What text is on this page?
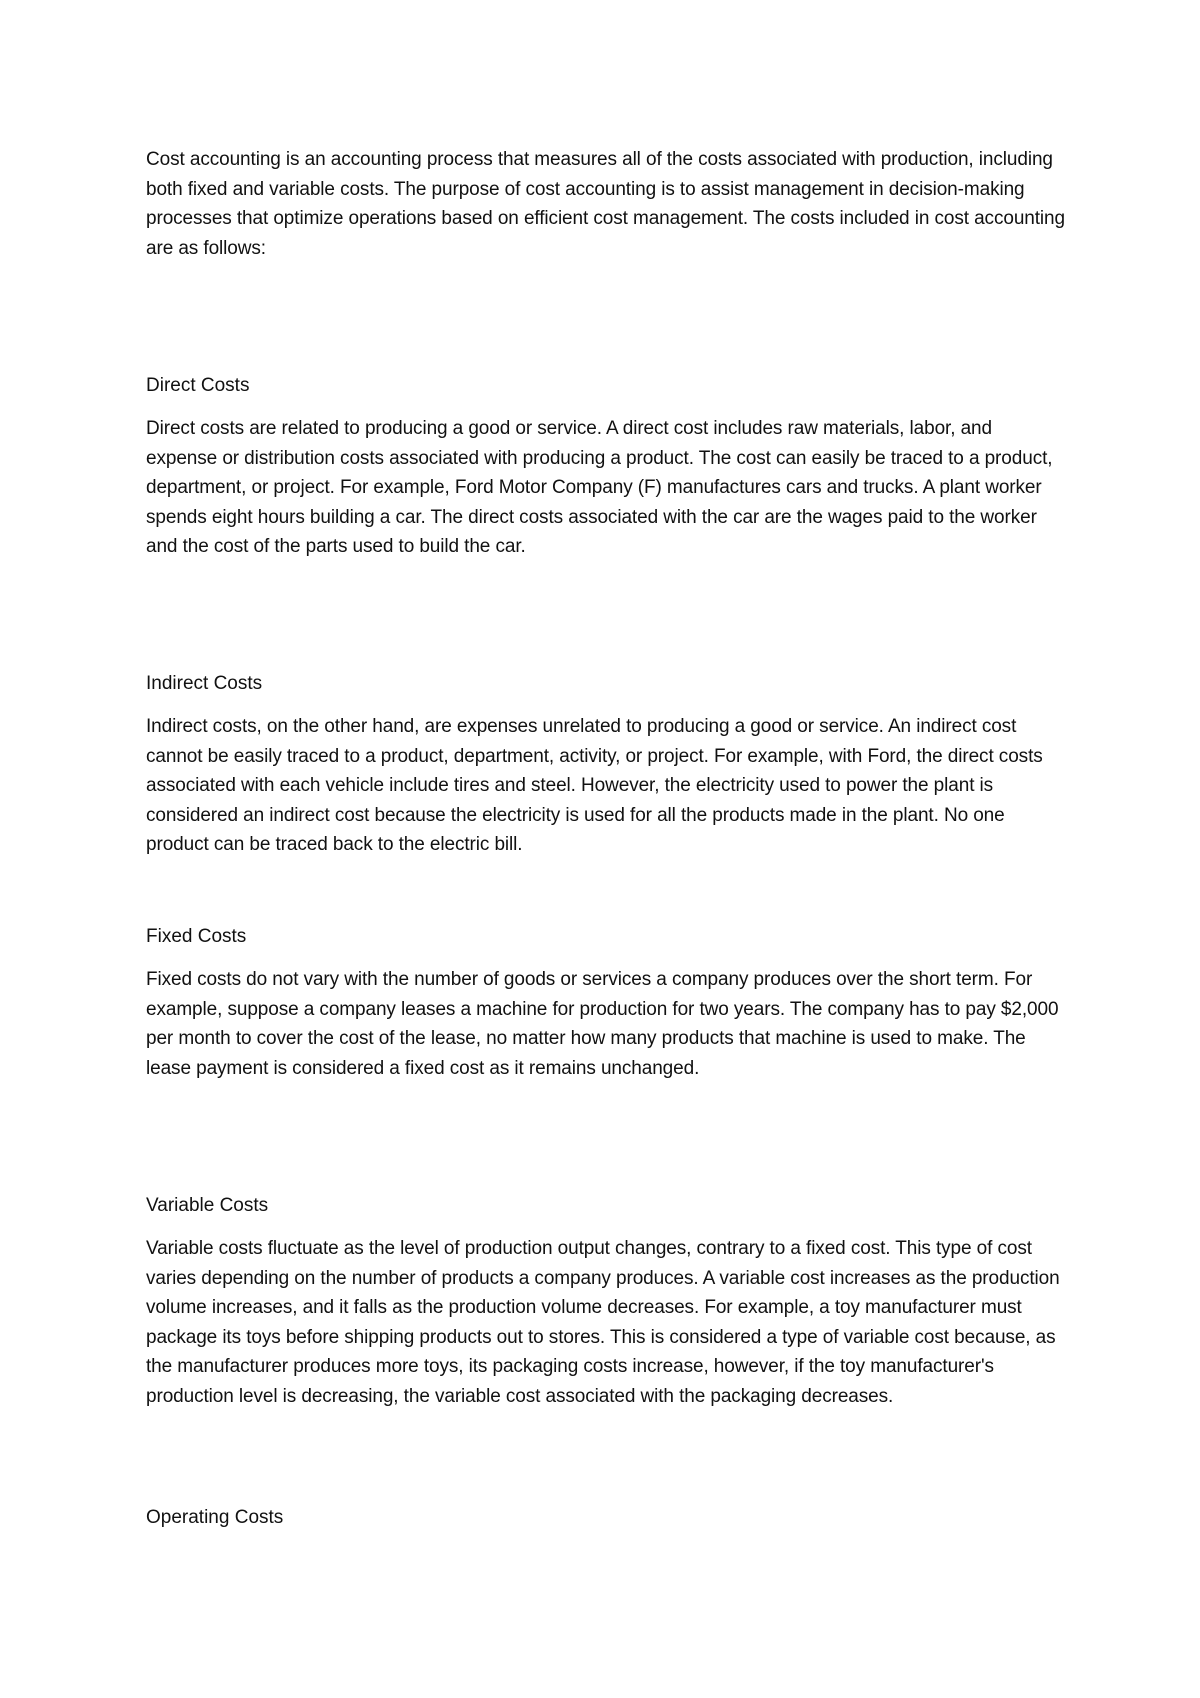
Cost accounting is an accounting process that measures all of the costs associated with production, including both fixed and variable costs. The purpose of cost accounting is to assist management in decision-making processes that optimize operations based on efficient cost management. The costs included in cost accounting are as follows:

Direct Costs

Direct costs are related to producing a good or service. A direct cost includes raw materials, labor, and expense or distribution costs associated with producing a product. The cost can easily be traced to a product, department, or project. For example, Ford Motor Company (F) manufactures cars and trucks. A plant worker spends eight hours building a car. The direct costs associated with the car are the wages paid to the worker and the cost of the parts used to build the car.

Indirect Costs

Indirect costs, on the other hand, are expenses unrelated to producing a good or service. An indirect cost cannot be easily traced to a product, department, activity, or project. For example, with Ford, the direct costs associated with each vehicle include tires and steel. However, the electricity used to power the plant is considered an indirect cost because the electricity is used for all the products made in the plant. No one product can be traced back to the electric bill.

Fixed Costs

Fixed costs do not vary with the number of goods or services a company produces over the short term. For example, suppose a company leases a machine for production for two years. The company has to pay $2,000 per month to cover the cost of the lease, no matter how many products that machine is used to make. The lease payment is considered a fixed cost as it remains unchanged.

Variable Costs

Variable costs fluctuate as the level of production output changes, contrary to a fixed cost. This type of cost varies depending on the number of products a company produces. A variable cost increases as the production volume increases, and it falls as the production volume decreases. For example, a toy manufacturer must package its toys before shipping products out to stores. This is considered a type of variable cost because, as the manufacturer produces more toys, its packaging costs increase, however, if the toy manufacturer's production level is decreasing, the variable cost associated with the packaging decreases.

Operating Costs
